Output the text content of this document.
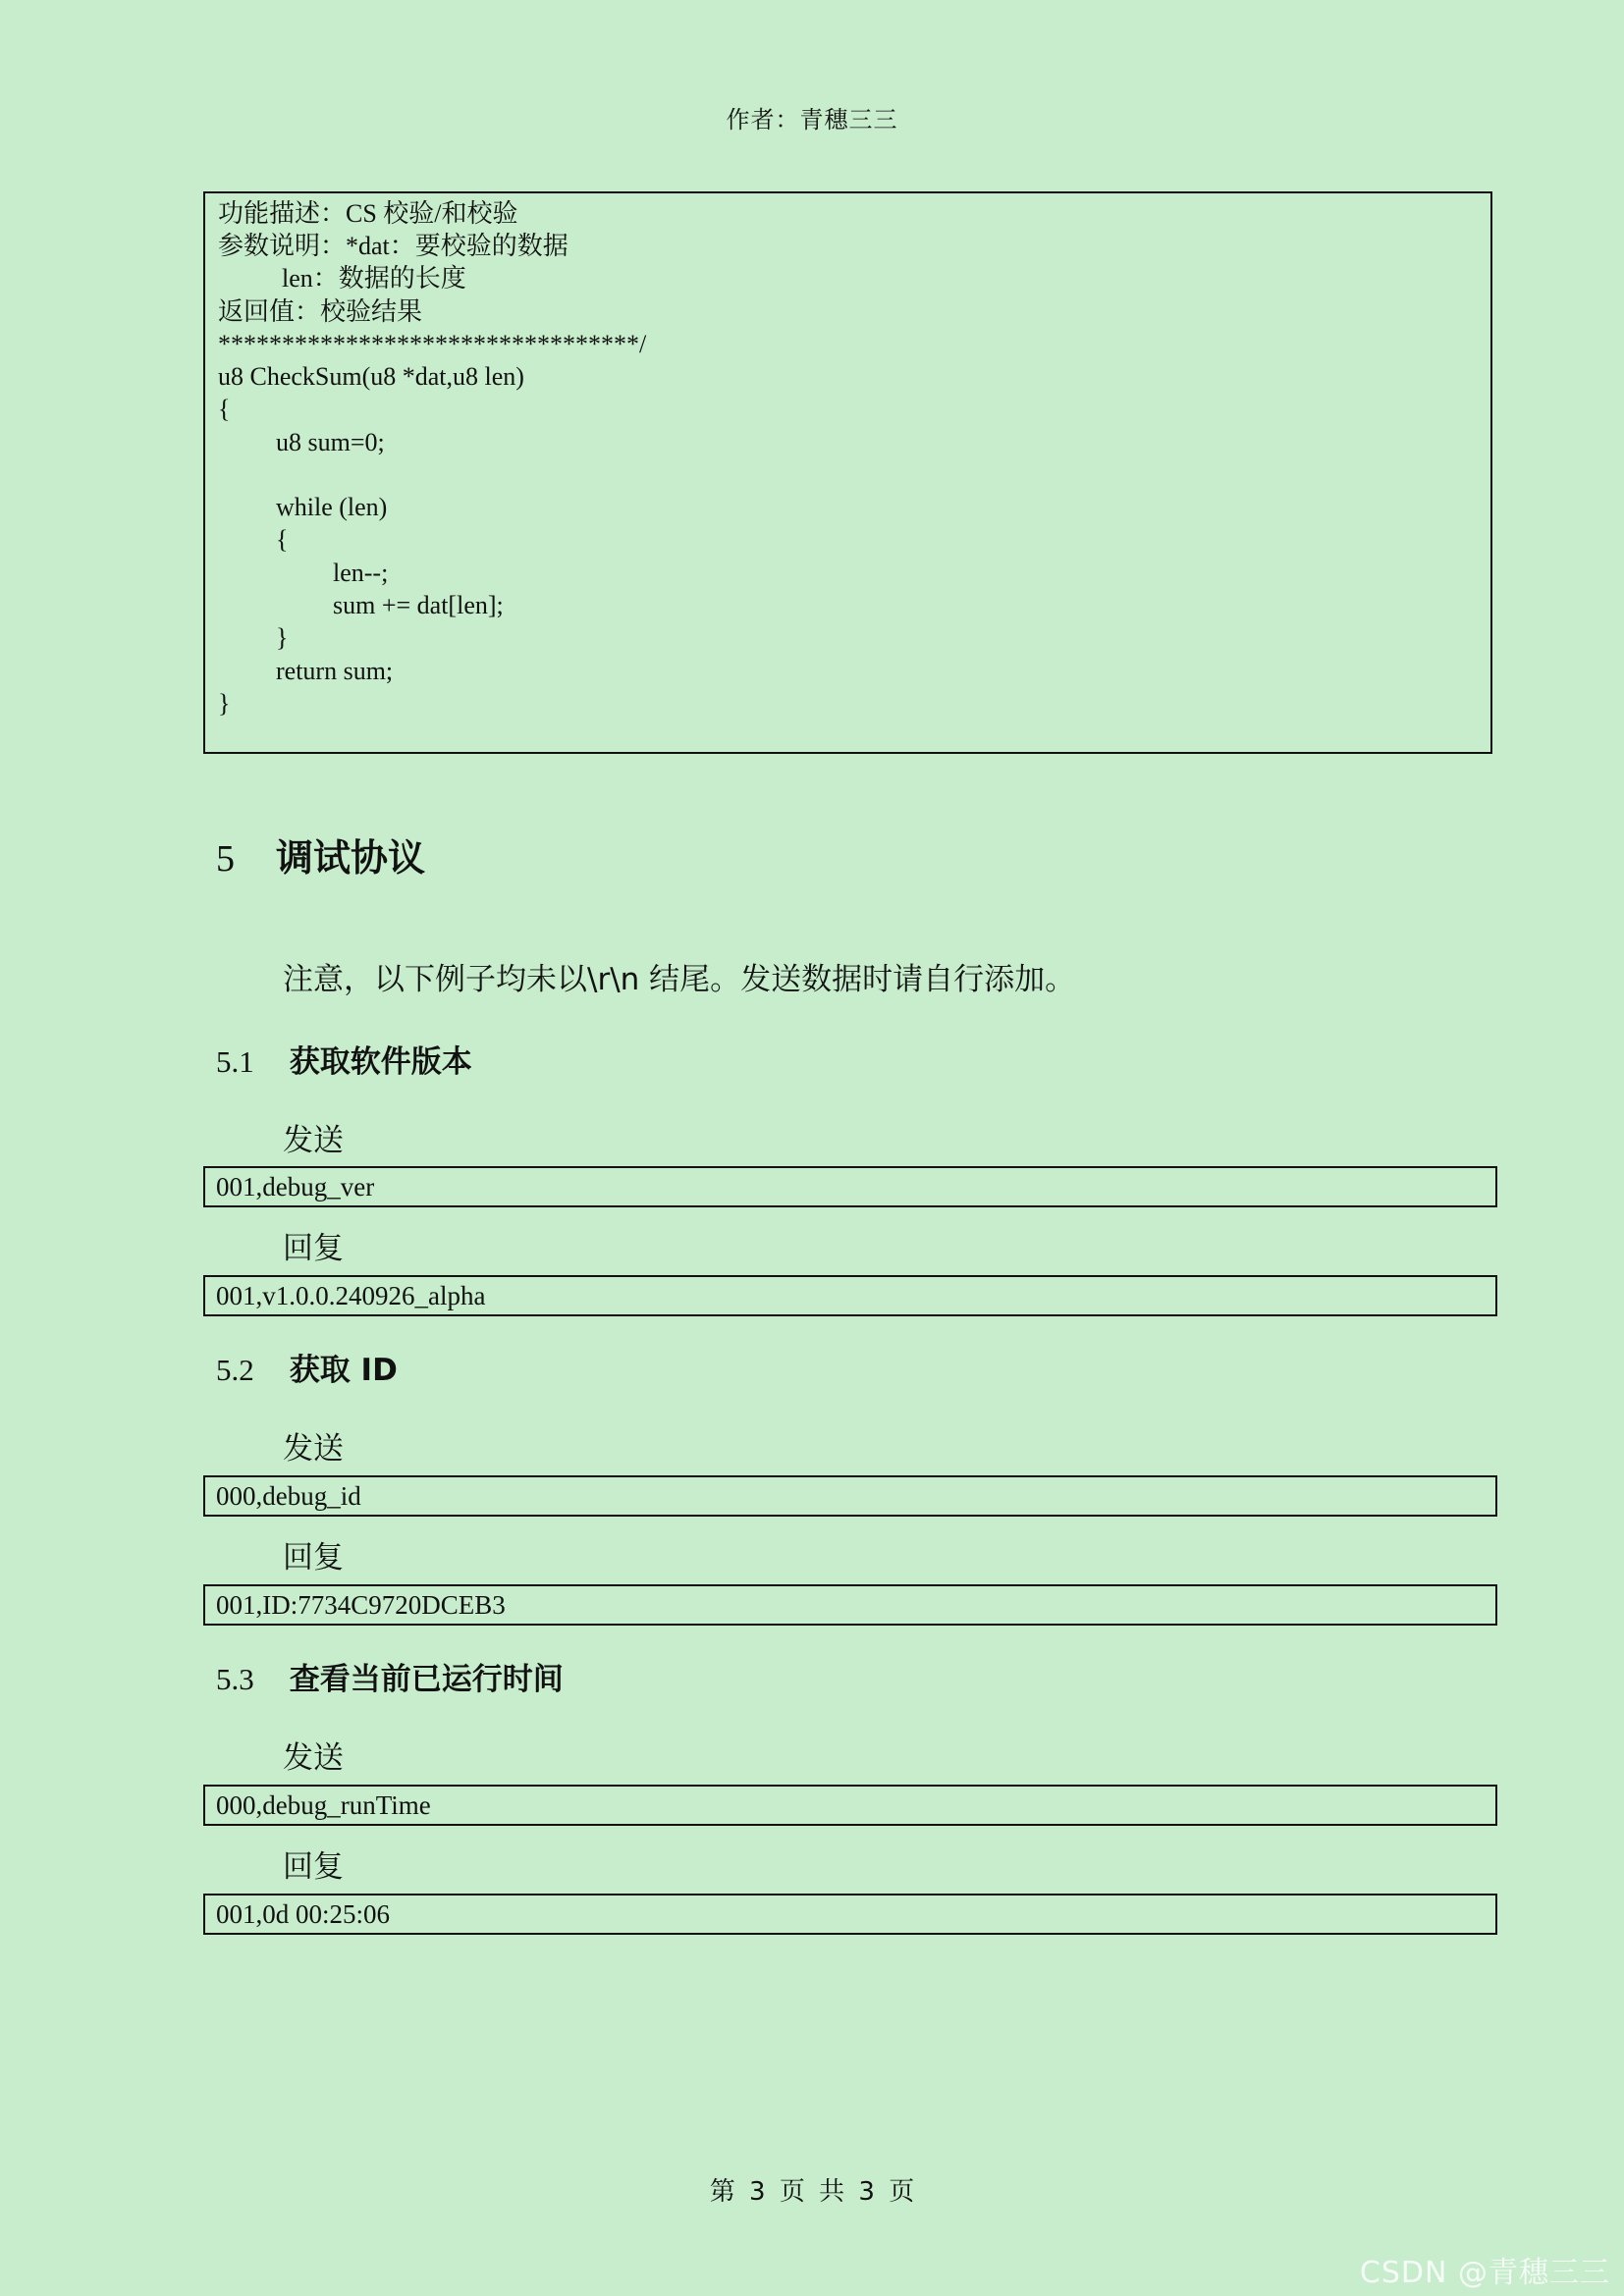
作者：青穗三三
功能描述：CS 校验/和校验
参数说明：*dat：要校验的数据
len：数据的长度
返回值：校验结果
*********************************/
u8 CheckSum(u8 *dat,u8 len)
{
u8 sum=0;
while (len)
{
len--;
sum += dat[len];
}
return sum;
}
5 调试协议
注意，以下例子均未以\r\n 结尾。发送数据时请自行添加。
5.1 获取软件版本
发送
001,debug_ver
回复
001,v1.0.0.240926_alpha
5.2 获取 ID
发送
000,debug_id
回复
001,ID:7734C9720DCEB3
5.3 查看当前已运行时间
发送
000,debug_runTime
回复
001,0d 00:25:06
第 3 页 共 3 页
CSDN @青穗三三
